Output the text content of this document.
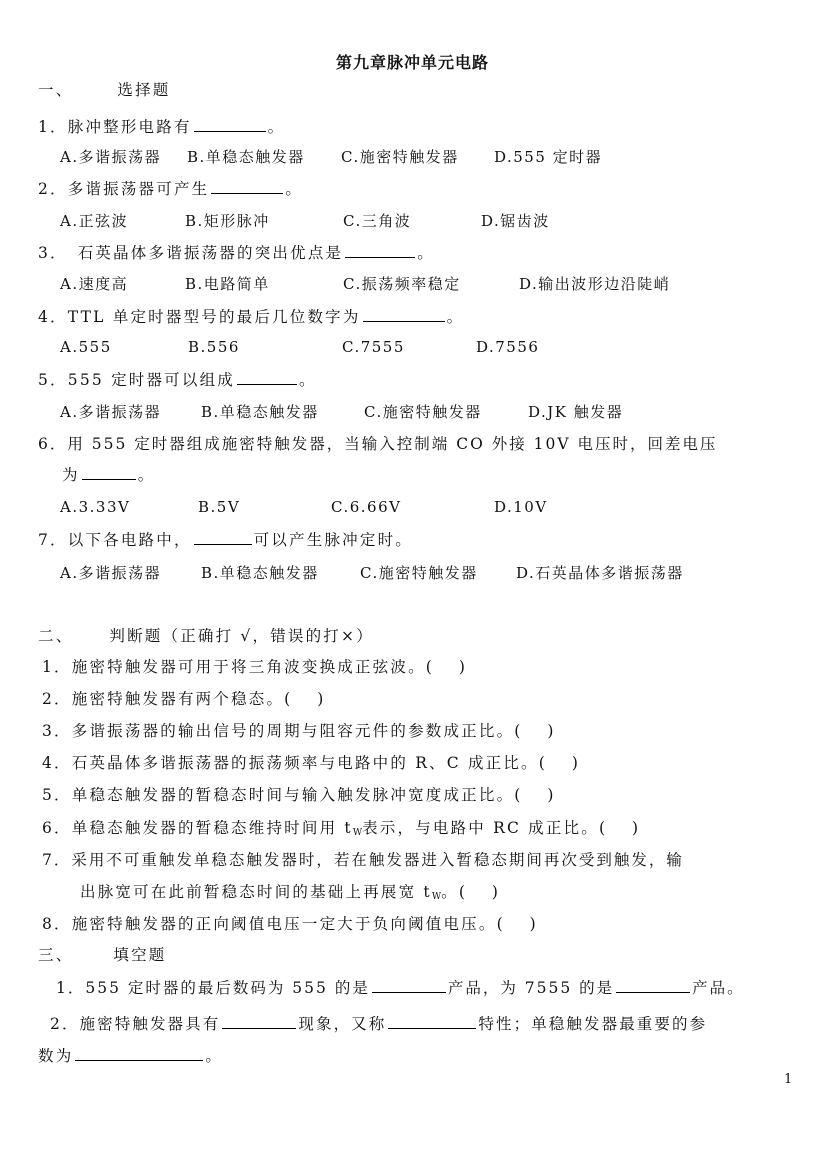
第九章脉冲单元电路
一、	选择题
1．脉冲整形电路有	。
A.多谐振荡器 B.单稳态触发器 C.施密特触发器 D.555 定时器
2．多谐振荡器可产生	。
A.正弦波	B.矩形脉冲	C.三角波	D.锯齿波
3．　石英晶体多谐振荡器的突出优点是	。
A.速度高	B.电路简单	C.振荡频率稳定	D.输出波形边沿陡峭
4．TTL 单定时器型号的最后几位数字为	。
A.555	B.556	C.7555	D.7556
5．555 定时器可以组成	。
A.多谐振荡器	B.单稳态触发器	C.施密特触发器	D.JK 触发器
6．用 555 定时器组成施密特触发器，当输入控制端 CO 外接 10V 电压时，回差电压
为	。
A.3.33V	B.5V	C.6.66V	D.10V
7．以下各电路中，	可以产生脉冲定时。
A.多谐振荡器	B.单稳态触发器	C.施密特触发器	D.石英晶体多谐振荡器
二、 判断题（正确打 √，错误的打×）
1．施密特触发器可用于将三角波变换成正弦波。(　 )
2．施密特触发器有两个稳态。(　 )
3．多谐振荡器的输出信号的周期与阻容元件的参数成正比。(　 )
4．石英晶体多谐振荡器的振荡频率与电路中的 R、C 成正比。(　 )
5．单稳态触发器的暂稳态时间与输入触发脉冲宽度成正比。(　 )
6．单稳态触发器的暂稳态维持时间用 tW表示，与电路中 RC 成正比。(　 )
7．采用不可重触发单稳态触发器时，若在触发器进入暂稳态期间再次受到触发，输
出脉宽可在此前暂稳态时间的基础上再展宽 tW。(　 )
8．施密特触发器的正向阈值电压一定大于负向阈值电压。(　 )
三、	填空题
1．555 定时器的最后数码为 555 的是	产品，为 7555 的是	产品。
2．施密特触发器具有	现象，又称	特性；单稳触发器最重要的参
数为	。
1
